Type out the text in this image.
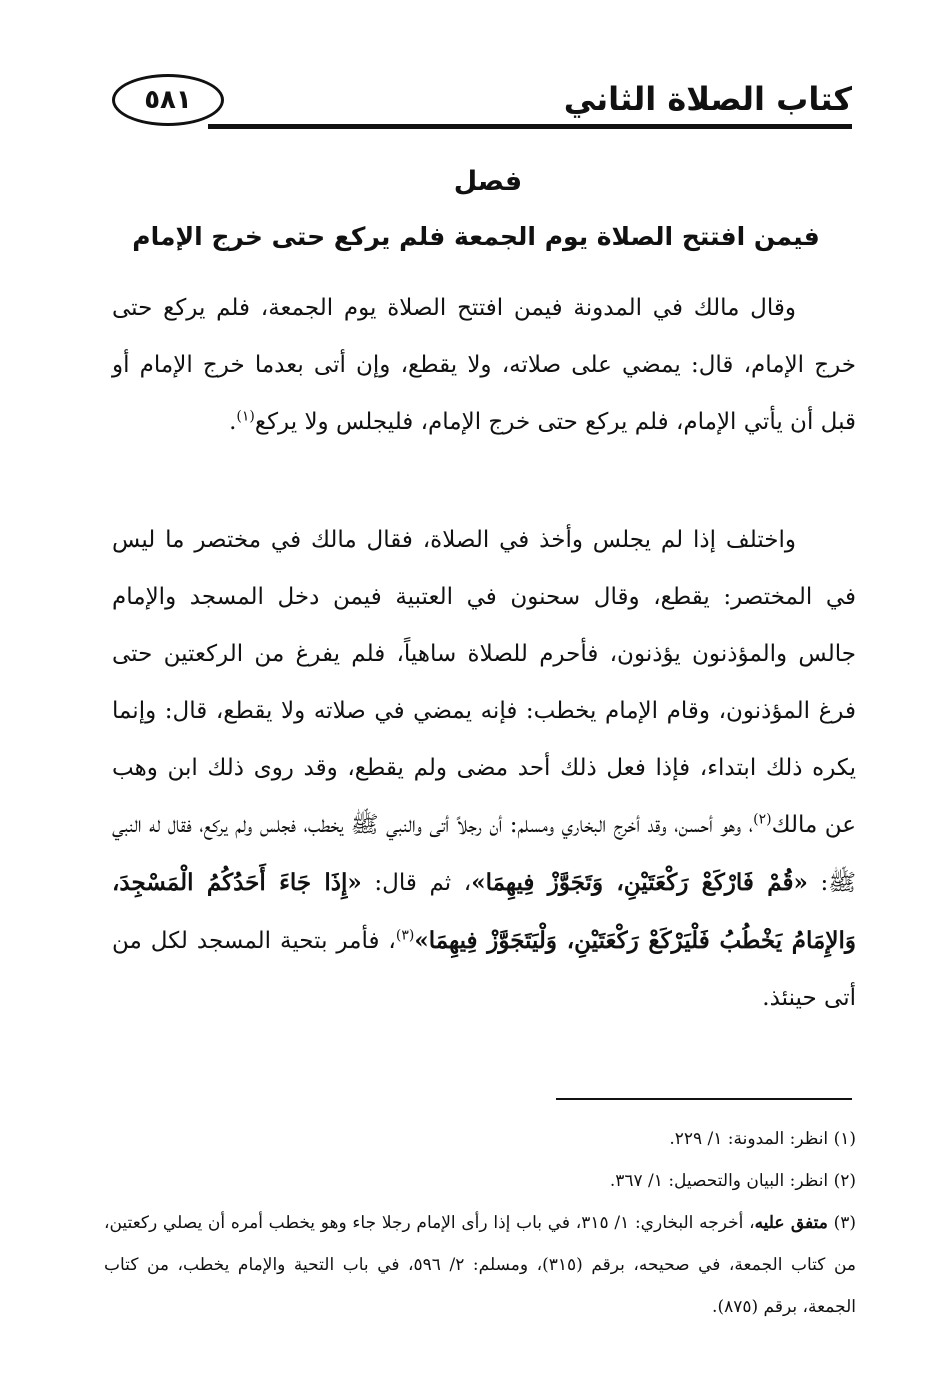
٥٨١	كتاب الصلاة الثاني
فصل
فيمن افتتح الصلاة يوم الجمعة فلم يركع حتى خرج الإمام

وقال مالك في المدونة فيمن افتتح الصلاة يوم الجمعة، فلم يركع حتى خرج الإمام، قال: يمضي على صلاته، ولا يقطع، وإن أتى بعدما خرج الإمام أو قبل أن يأتي الإمام، فلم يركع حتى خرج الإمام، فليجلس ولا يركع$^{(١)}$.

واختلف إذا لم يجلس وأخذ في الصلاة، فقال مالك في مختصر ما ليس في المختصر: يقطع، وقال سحنون في العتبية فيمن دخل المسجد والإمام جالس والمؤذنون يؤذنون، فأحرم للصلاة ساهياً، فلم يفرغ من الركعتين حتى فرغ المؤذنون، وقام الإمام يخطب: فإنه يمضي في صلاته ولا يقطع، قال: وإنما يكره ذلك ابتداء، فإذا فعل ذلك أحد مضى ولم يقطع، وقد روى ذلك ابن وهب عن مالك$^{(٢)}$، وهو أحسن، وقد أخرج البخاري ومسلم: أن رجلاً أتى والنبي ﷺ يخطب، فجلس ولم يركع، فقال له النبي ﷺ: «قُمْ فَارْكَعْ رَكْعَتَيْنِ، وَتَجَوَّزْ فِيهِمَا»، ثم قال: «إِذَا جَاءَ أَحَدُكُمُ الْمَسْجِدَ، وَالإِمَامُ يَخْطُبُ فَلْيَرْكَعْ رَكْعَتَيْنِ، وَلْيَتَجَوَّزْ فِيهِمَا»$^{(٣)}$، فأمر بتحية المسجد لكل من أتى حينئذ.

(١) انظر: المدونة: ١/ ٢٢٩.

(٢) انظر: البيان والتحصيل: ١/ ٣٦٧.

(٣) متفق عليه، أخرجه البخاري: ١/ ٣١٥، في باب إذا رأى الإمام رجلا جاء وهو يخطب أمره أن يصلي ركعتين، من كتاب الجمعة، في صحيحه، برقم (٣١٥)، ومسلم: ٢/ ٥٩٦، في باب التحية والإمام يخطب، من كتاب الجمعة، برقم (٨٧٥).
